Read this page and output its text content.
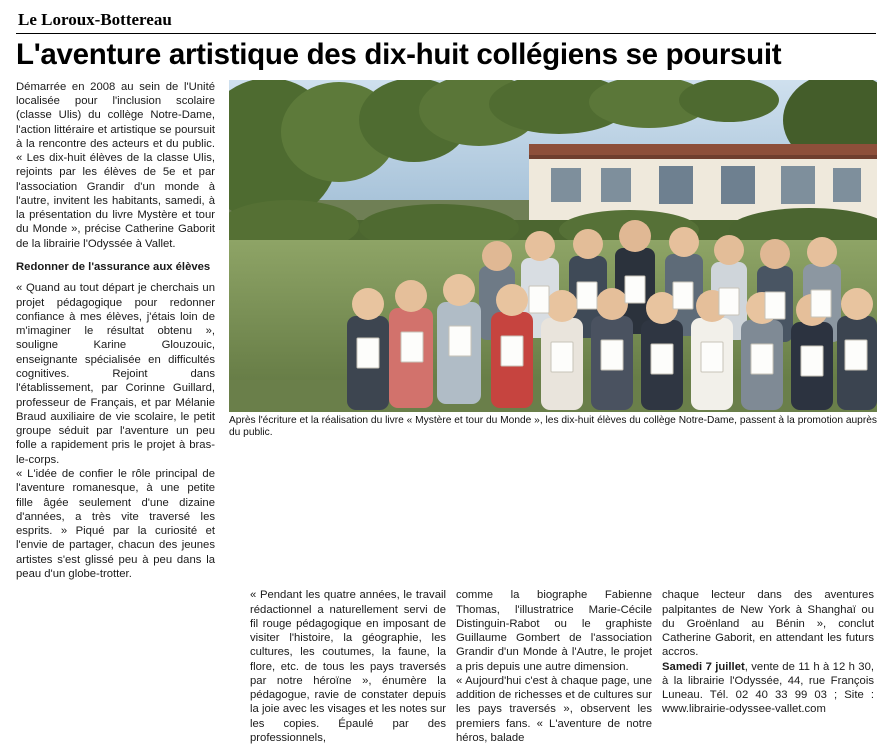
Le Loroux-Bottereau
L'aventure artistique des dix-huit collégiens se poursuit

Démarrée en 2008 au sein de l'Unité localisée pour l'inclusion scolaire (classe Ulis) du collège Notre-Dame, l'action littéraire et artistique se poursuit à la rencontre des acteurs et du public. « Les dix-huit élèves de la classe Ulis, rejoints par les élèves de 5e et par l'association Grandir d'un monde à l'autre, invitent les habitants, samedi, à la présentation du livre Mystère et tour du Monde », précise Catherine Gaborit de la librairie l'Odyssée à Vallet.

Redonner de l'assurance aux élèves

« Quand au tout départ je cherchais un projet pédagogique pour redonner confiance à mes élèves, j'étais loin de m'imaginer le résultat obtenu », souligne Karine Glouzouic, enseignante spécialisée en difficultés cognitives. Rejoint dans l'établissement, par Corinne Guillard, professeur de Français, et par Mélanie Braud auxiliaire de vie scolaire, le petit groupe séduit par l'aventure un peu folle a rapidement pris le projet à bras-le-corps.

« L'idée de confier le rôle principal de l'aventure romanesque, à une petite fille âgée seulement d'une dizaine d'années, a très vite traversé les esprits. » Piqué par la curiosité et l'envie de partager, chacun des jeunes artistes s'est glissé peu à peu dans la peau d'un globe-trotter.

Après l'écriture et la réalisation du livre « Mystère et tour du Monde », les dix-huit élèves du collège Notre-Dame, passent à la promotion auprès du public.

« Pendant les quatre années, le travail rédactionnel a naturellement servi de fil rouge pédagogique en imposant de visiter l'histoire, la géographie, les cultures, les coutumes, la faune, la flore, etc. de tous les pays traversés par notre héroïne », énumère la pédagogue, ravie de constater depuis la joie avec les visages et les notes sur les copies. Épaulé par des professionnels,

comme la biographe Fabienne Thomas, l'illustratrice Marie-Cécile Distinguin-Rabot ou le graphiste Guillaume Gombert de l'association Grandir d'un Monde à l'Autre, le projet a pris depuis une autre dimension.

« Aujourd'hui c'est à chaque page, une addition de richesses et de cultures sur les pays traversés », observent les premiers fans. « L'aventure de notre héros, balade

chaque lecteur dans des aventures palpitantes de New York à Shanghaï ou du Groënland au Bénin », conclut Catherine Gaborit, en attendant les futurs accros.

Samedi 7 juillet, vente de 11 h à 12 h 30, à la librairie l'Odyssée, 44, rue François Luneau. Tél. 02 40 33 99 03 ; Site : www.librairie-odyssee-vallet.com
